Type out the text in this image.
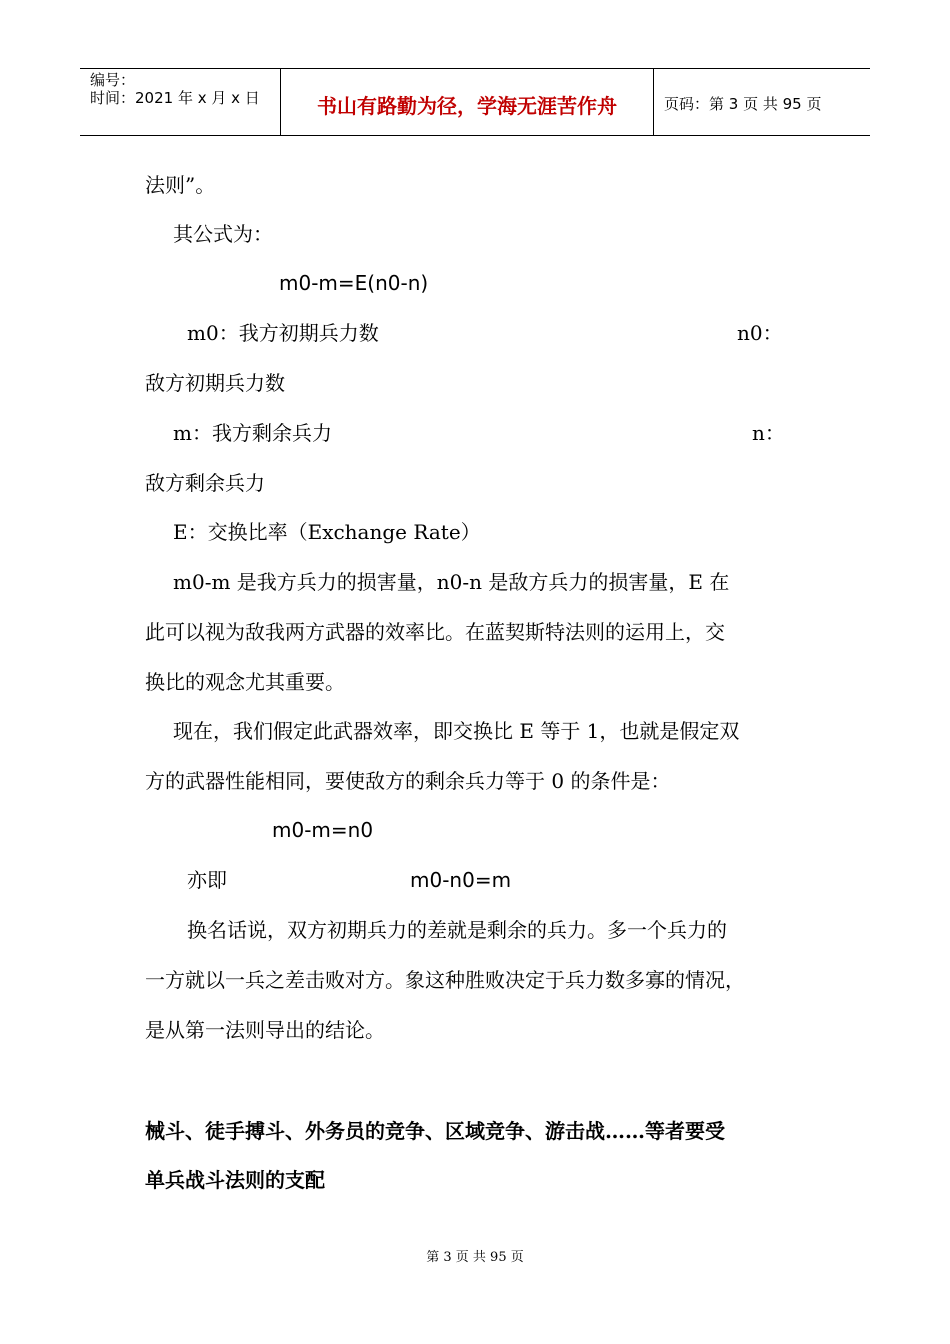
编号：
时间：2021 年 x 月 x 日	书山有路勤为径，学海无涯苦作舟	页码：第 3 页 共 95 页
法则”。
其公式为：
m0-m=E(n0-n)
m0：我方初期兵力数	n0：
敌方初期兵力数
m：我方剩余兵力	n：
敌方剩余兵力
E：交换比率（Exchange Rate）
m0-m 是我方兵力的损害量，n0-n 是敌方兵力的损害量，E 在
此可以视为敌我两方武器的效率比。在蓝契斯特法则的运用上，交
换比的观念尤其重要。
现在，我们假定此武器效率，即交换比 E 等于 1，也就是假定双
方的武器性能相同，要使敌方的剩余兵力等于 0 的条件是：
m0-m=n0
亦即	m0-n0=m
换名话说，双方初期兵力的差就是剩余的兵力。多一个兵力的
一方就以一兵之差击败对方。象这种胜败决定于兵力数多寡的情况，
是从第一法则导出的结论。
械斗、徒手搏斗、外务员的竞争、区域竞争、游击战……等者要受
单兵战斗法则的支配
第 3 页 共 95 页
